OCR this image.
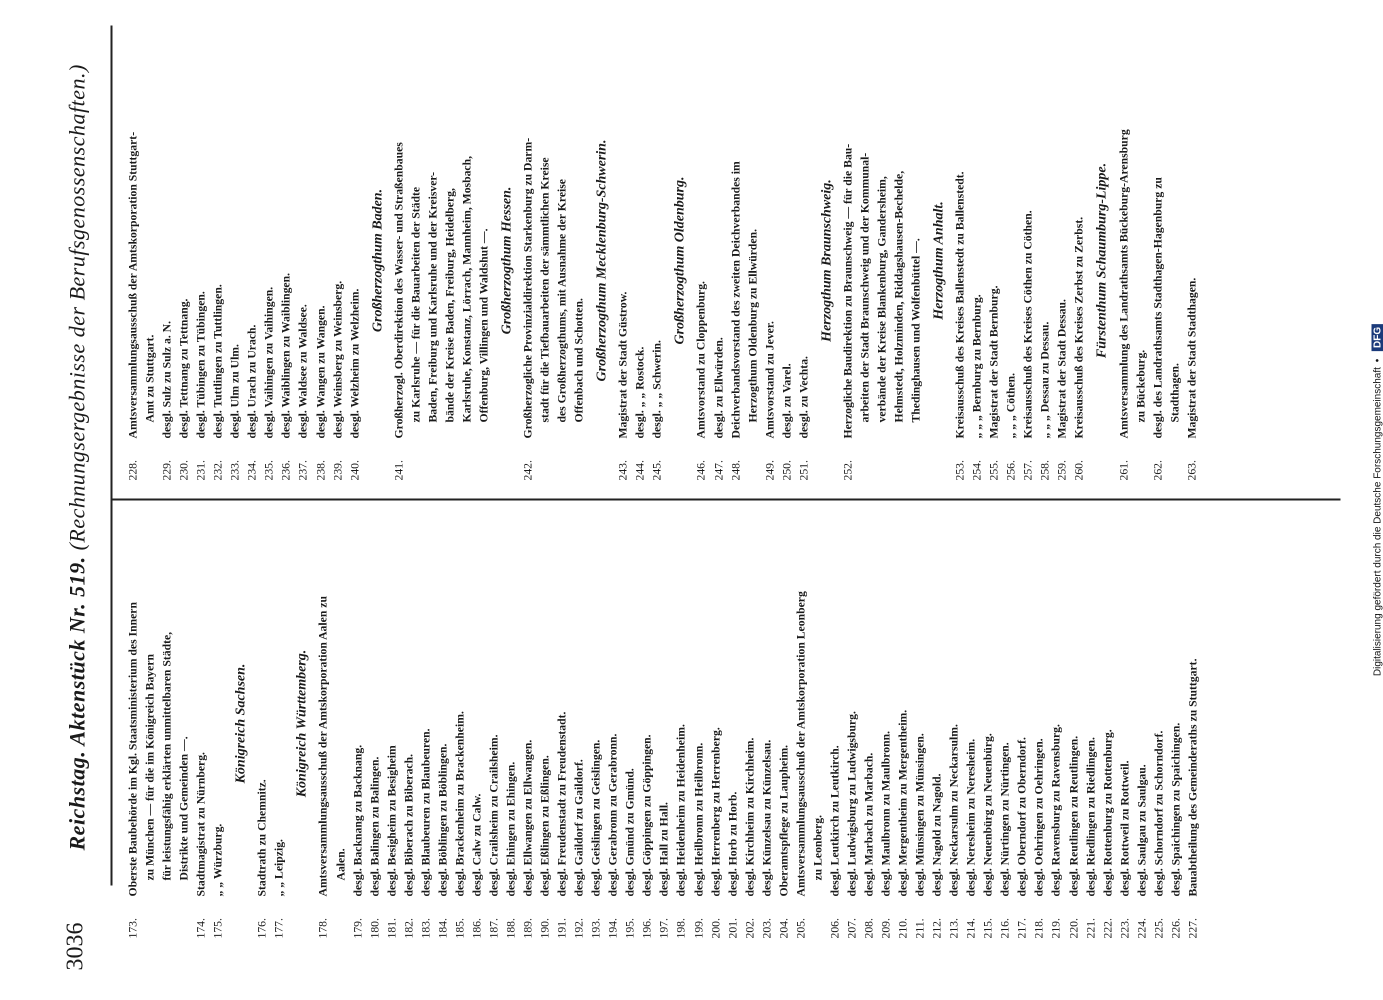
3036
Reichstag. Aktenstück Nr. 519. (Rechnungsergebnisse der Berufsgenossenschaften.)
173.
Oberste Baubehörde im Kgl. Staatsministerium des Innern zu München — für die im Königreich Bayern für leistungsfähig erklärten unmittelbaren Städte, Distrikte und Gemeinden —.
174.
Stadtmagistrat zu Nürnberg.
175.
„ „ Würzburg.
Königreich Sachsen.
176.
Stadtrath zu Chemnitz.
177.
„ „ Leipzig.
Königreich Württemberg.
178.
Amtsversammlungsausschuß der Amtskorporation Aalen zu Aalen.
179.
desgl. Backnang zu Backnang.
180.
desgl. Balingen zu Balingen.
181.
desgl. Besigheim zu Besigheim
182.
desgl. Biberach zu Biberach.
183.
desgl. Blaubeuren zu Blaubeuren.
184.
desgl. Böblingen zu Böblingen.
185.
desgl. Brackenheim zu Brackenheim.
186.
desgl. Calw zu Calw.
187.
desgl. Crailsheim zu Crailsheim.
188.
desgl. Ehingen zu Ehingen.
189.
desgl. Ellwangen zu Ellwangen.
190.
desgl. Eßlingen zu Eßlingen.
191.
desgl. Freudenstadt zu Freudenstadt.
192.
desgl. Gaildorf zu Gaildorf.
193.
desgl. Geislingen zu Geislingen.
194.
desgl. Gerabronn zu Gerabronn.
195.
desgl. Gmünd zu Gmünd.
196.
desgl. Göppingen zu Göppingen.
197.
desgl. Hall zu Hall.
198.
desgl. Heidenheim zu Heidenheim.
199.
desgl. Heilbronn zu Heilbronn.
200.
desgl. Herrenberg zu Herrenberg.
201.
desgl. Horb zu Horb.
202.
desgl. Kirchheim zu Kirchheim.
203.
desgl. Künzelsau zu Künzelsau.
204.
Oberamtspflege zu Laupheim.
205.
Amtsversammlungsausschuß der Amtskorporation Leonberg zu Leonberg.
206.
desgl. Leutkirch zu Leutkirch.
207.
desgl. Ludwigsburg zu Ludwigsburg.
208.
desgl. Marbach zu Marbach.
209.
desgl. Maulbronn zu Maulbronn.
210.
desgl. Mergentheim zu Mergentheim.
211.
desgl. Münsingen zu Münsingen.
212.
desgl. Nagold zu Nagold.
213.
desgl. Neckarsulm zu Neckarsulm.
214.
desgl. Neresheim zu Neresheim.
215.
desgl. Neuenbürg zu Neuenbürg.
216.
desgl. Nürtingen zu Nürtingen.
217.
desgl. Oberndorf zu Oberndorf.
218.
desgl. Oehringen zu Oehringen.
219.
desgl. Ravensburg zu Ravensburg.
220.
desgl. Reutlingen zu Reutlingen.
221.
desgl. Riedlingen zu Riedlingen.
222.
desgl. Rottenburg zu Rottenburg.
223.
desgl. Rottweil zu Rottweil.
224.
desgl. Saulgau zu Saulgau.
225.
desgl. Schorndorf zu Schorndorf.
226.
desgl. Spaichingen zu Spaichingen.
227.
Bauabtheilung des Gemeinderaths zu Stuttgart.
228.
Amtsversammlungsausschuß der Amtskorporation Stuttgart- Amt zu Stuttgart.
229.
desgl. Sulz zu Sulz a. N.
230.
desgl. Tettnang zu Tettnang.
231.
desgl. Tübingen zu Tübingen.
232.
desgl. Tuttlingen zu Tuttlingen.
233.
desgl. Ulm zu Ulm.
234.
desgl. Urach zu Urach.
235.
desgl. Vaihingen zu Vaihingen.
236.
desgl. Waiblingen zu Waiblingen.
237.
desgl. Waldsee zu Waldsee.
238.
desgl. Wangen zu Wangen.
239.
desgl. Weinsberg zu Weinsberg.
240.
desgl. Welzheim zu Welzheim.
Großherzogthum Baden.
241.
Großherzogl. Oberdirektion des Wasser- und Straßenbaues zu Karlsruhe — für die Bauarbeiten der Städte Baden, Freiburg und Karlsruhe und der Kreisver- bände der Kreise Baden, Freiburg, Heidelberg, Karlsruhe, Konstanz, Lörrach, Mannheim, Mosbach, Offenburg, Villingen und Waldshut —. Großherzogthum Hessen.
242.
Großherzogliche Provinzialdirektion Starkenburg zu Darm- stadt für die Tiefbauarbeiten der sämmtlichen Kreise des Großherzogthums, mit Ausnahme der Kreise Offenbach und Schotten. Großherzogthum Mecklenburg-Schwerin.
243.
Magistrat der Stadt Güstrow.
244.
desgl. „ „ Rostock.
245.
desgl. „ „ Schwerin.
Großherzogthum Oldenburg.
246.
Amtsvorstand zu Cloppenburg.
247.
desgl. zu Ellwürden.
248.
Deichverbandsvorstand des zweiten Deichverbandes im Herzogthum Oldenburg zu Ellwürden.
249.
Amtsvorstand zu Jever.
250.
desgl. zu Varel.
251.
desgl. zu Vechta.
Herzogthum Braunschweig.
252.
Herzogliche Baudirektion zu Braunschweig — für die Bau- arbeiten der Stadt Braunschweig und der Kommunal- verbände der Kreise Blankenburg, Gandersheim, Helmstedt, Holzminden, Riddagshausen-Bechelde, Thedinghausen und Wolfenbüttel —. Herzogthum Anhalt.
253.
Kreisausschuß des Kreises Ballenstedt zu Ballenstedt.
254.
„ „ „ Bernburg zu Bernburg.
255.
Magistrat der Stadt Bernburg.
256.
„ „ „ Cöthen.
257.
Kreisausschuß des Kreises Cöthen zu Cöthen.
258.
„ „ „ Dessau zu Dessau.
259.
Magistrat der Stadt Dessau.
260.
Kreisausschuß des Kreises Zerbst zu Zerbst. Fürstenthum Schaumburg-Lippe.
261.
Amtsversammlung des Landrathsamts Bückeburg-Arensburg zu Bückeburg.
262.
desgl. des Landrathsamts Stadthagen-Hagenburg zu Stadthagen.
263.
Magistrat der Stadt Stadthagen.
Digitalisierung gefördert durch die Deutsche Forschungsgemeinschaft • DFG
